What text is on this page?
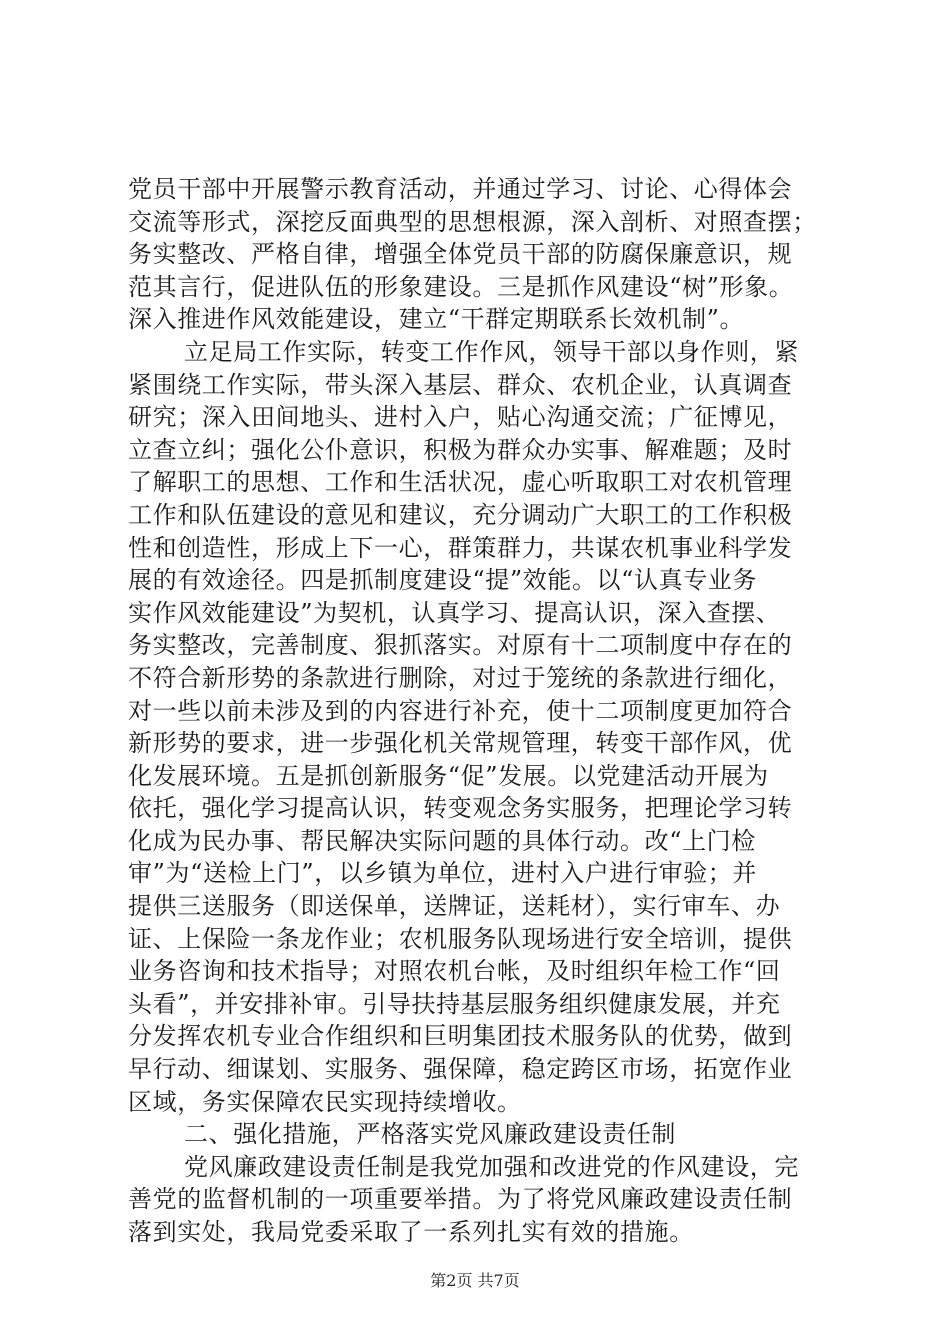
党员干部中开展警示教育活动，并通过学习、讨论、心得体会
交流等形式，深挖反面典型的思想根源，深入剖析、对照查摆；
务实整改、严格自律，增强全体党员干部的防腐保廉意识，规
范其言行，促进队伍的形象建设。三是抓作风建设“树”形象。
深入推进作风效能建设，建立“干群定期联系长效机制”。
立足局工作实际，转变工作作风，领导干部以身作则，紧
紧围绕工作实际，带头深入基层、群众、农机企业，认真调查
研究；深入田间地头、进村入户，贴心沟通交流；广征博见，
立查立纠；强化公仆意识，积极为群众办实事、解难题；及时
了解职工的思想、工作和生活状况，虚心听取职工对农机管理
工作和队伍建设的意见和建议，充分调动广大职工的工作积极
性和创造性，形成上下一心，群策群力，共谋农机事业科学发
展的有效途径。四是抓制度建设“提”效能。以“认真专业务
实作风效能建设”为契机，认真学习、提高认识，深入查摆、
务实整改，完善制度、狠抓落实。对原有十二项制度中存在的
不符合新形势的条款进行删除，对过于笼统的条款进行细化，
对一些以前未涉及到的内容进行补充，使十二项制度更加符合
新形势的要求，进一步强化机关常规管理，转变干部作风，优
化发展环境。五是抓创新服务“促”发展。以党建活动开展为
依托，强化学习提高认识，转变观念务实服务，把理论学习转
化成为民办事、帮民解决实际问题的具体行动。改“上门检
审”为“送检上门”，以乡镇为单位，进村入户进行审验；并
提供三送服务（即送保单，送牌证，送耗材），实行审车、办
证、上保险一条龙作业；农机服务队现场进行安全培训，提供
业务咨询和技术指导；对照农机台帐，及时组织年检工作“回
头看”，并安排补审。引导扶持基层服务组织健康发展，并充
分发挥农机专业合作组织和巨明集团技术服务队的优势，做到
早行动、细谋划、实服务、强保障，稳定跨区市场，拓宽作业
区域，务实保障农民实现持续增收。
二、强化措施，严格落实党风廉政建设责任制
党风廉政建设责任制是我党加强和改进党的作风建设，完
善党的监督机制的一项重要举措。为了将党风廉政建设责任制
落到实处，我局党委采取了一系列扎实有效的措施。
第2页 共7页
